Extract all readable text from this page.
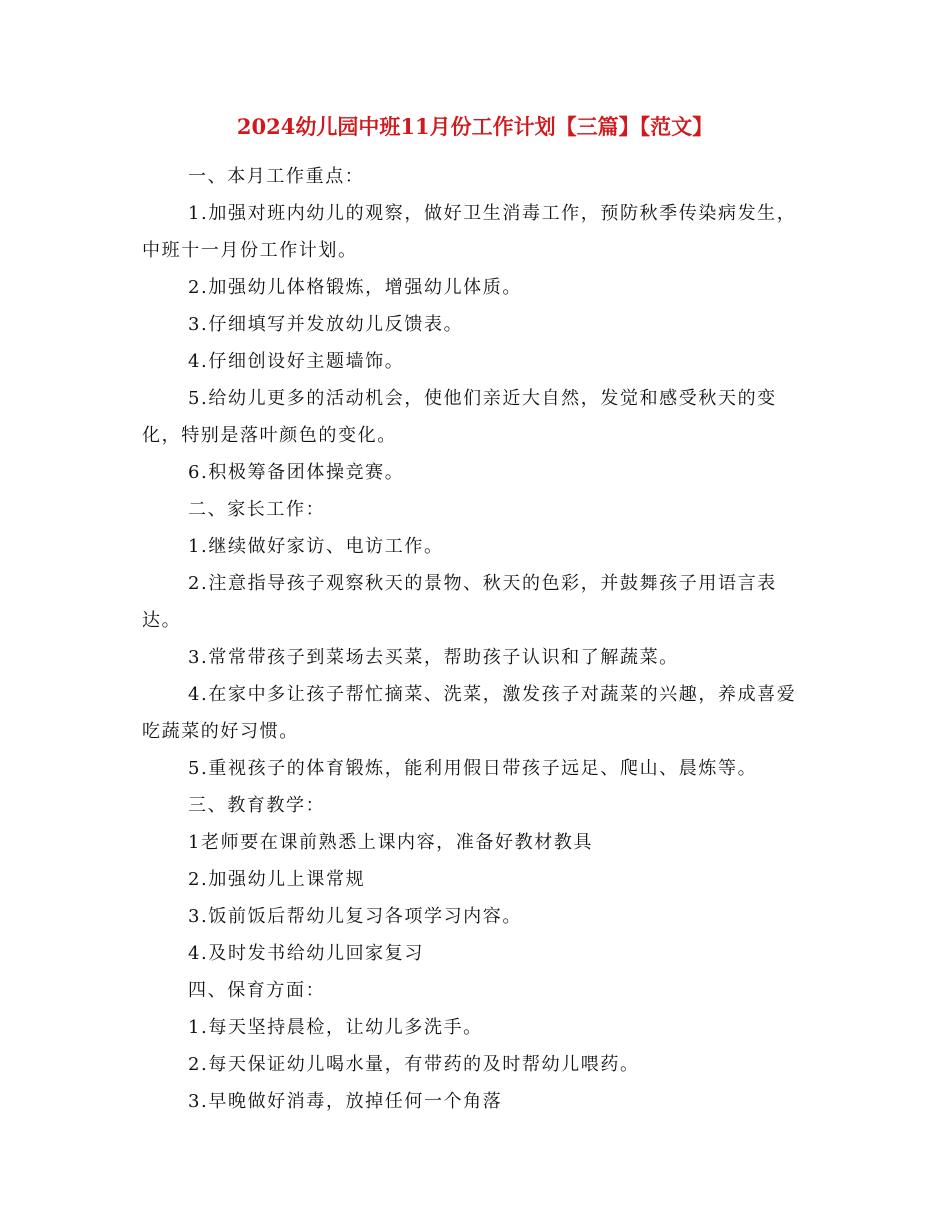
2024幼儿园中班11月份工作计划【三篇】【范文】

一、本月工作重点：

1.加强对班内幼儿的观察，做好卫生消毒工作，预防秋季传染病发生，中班十一月份工作计划。

2.加强幼儿体格锻炼，增强幼儿体质。

3.仔细填写并发放幼儿反馈表。

4.仔细创设好主题墙饰。

5.给幼儿更多的活动机会，使他们亲近大自然，发觉和感受秋天的变化，特别是落叶颜色的变化。

6.积极筹备团体操竞赛。

二、家长工作：

1.继续做好家访、电访工作。

2.注意指导孩子观察秋天的景物、秋天的色彩，并鼓舞孩子用语言表达。

3.常常带孩子到菜场去买菜，帮助孩子认识和了解蔬菜。

4.在家中多让孩子帮忙摘菜、洗菜，激发孩子对蔬菜的兴趣，养成喜爱吃蔬菜的好习惯。

5.重视孩子的体育锻炼，能利用假日带孩子远足、爬山、晨炼等。

三、教育教学：

1老师要在课前熟悉上课内容，准备好教材教具

2.加强幼儿上课常规

3.饭前饭后帮幼儿复习各项学习内容。

4.及时发书给幼儿回家复习

四、保育方面：

1.每天坚持晨检，让幼儿多洗手。

2.每天保证幼儿喝水量，有带药的及时帮幼儿喂药。

3.早晚做好消毒，放掉任何一个角落
